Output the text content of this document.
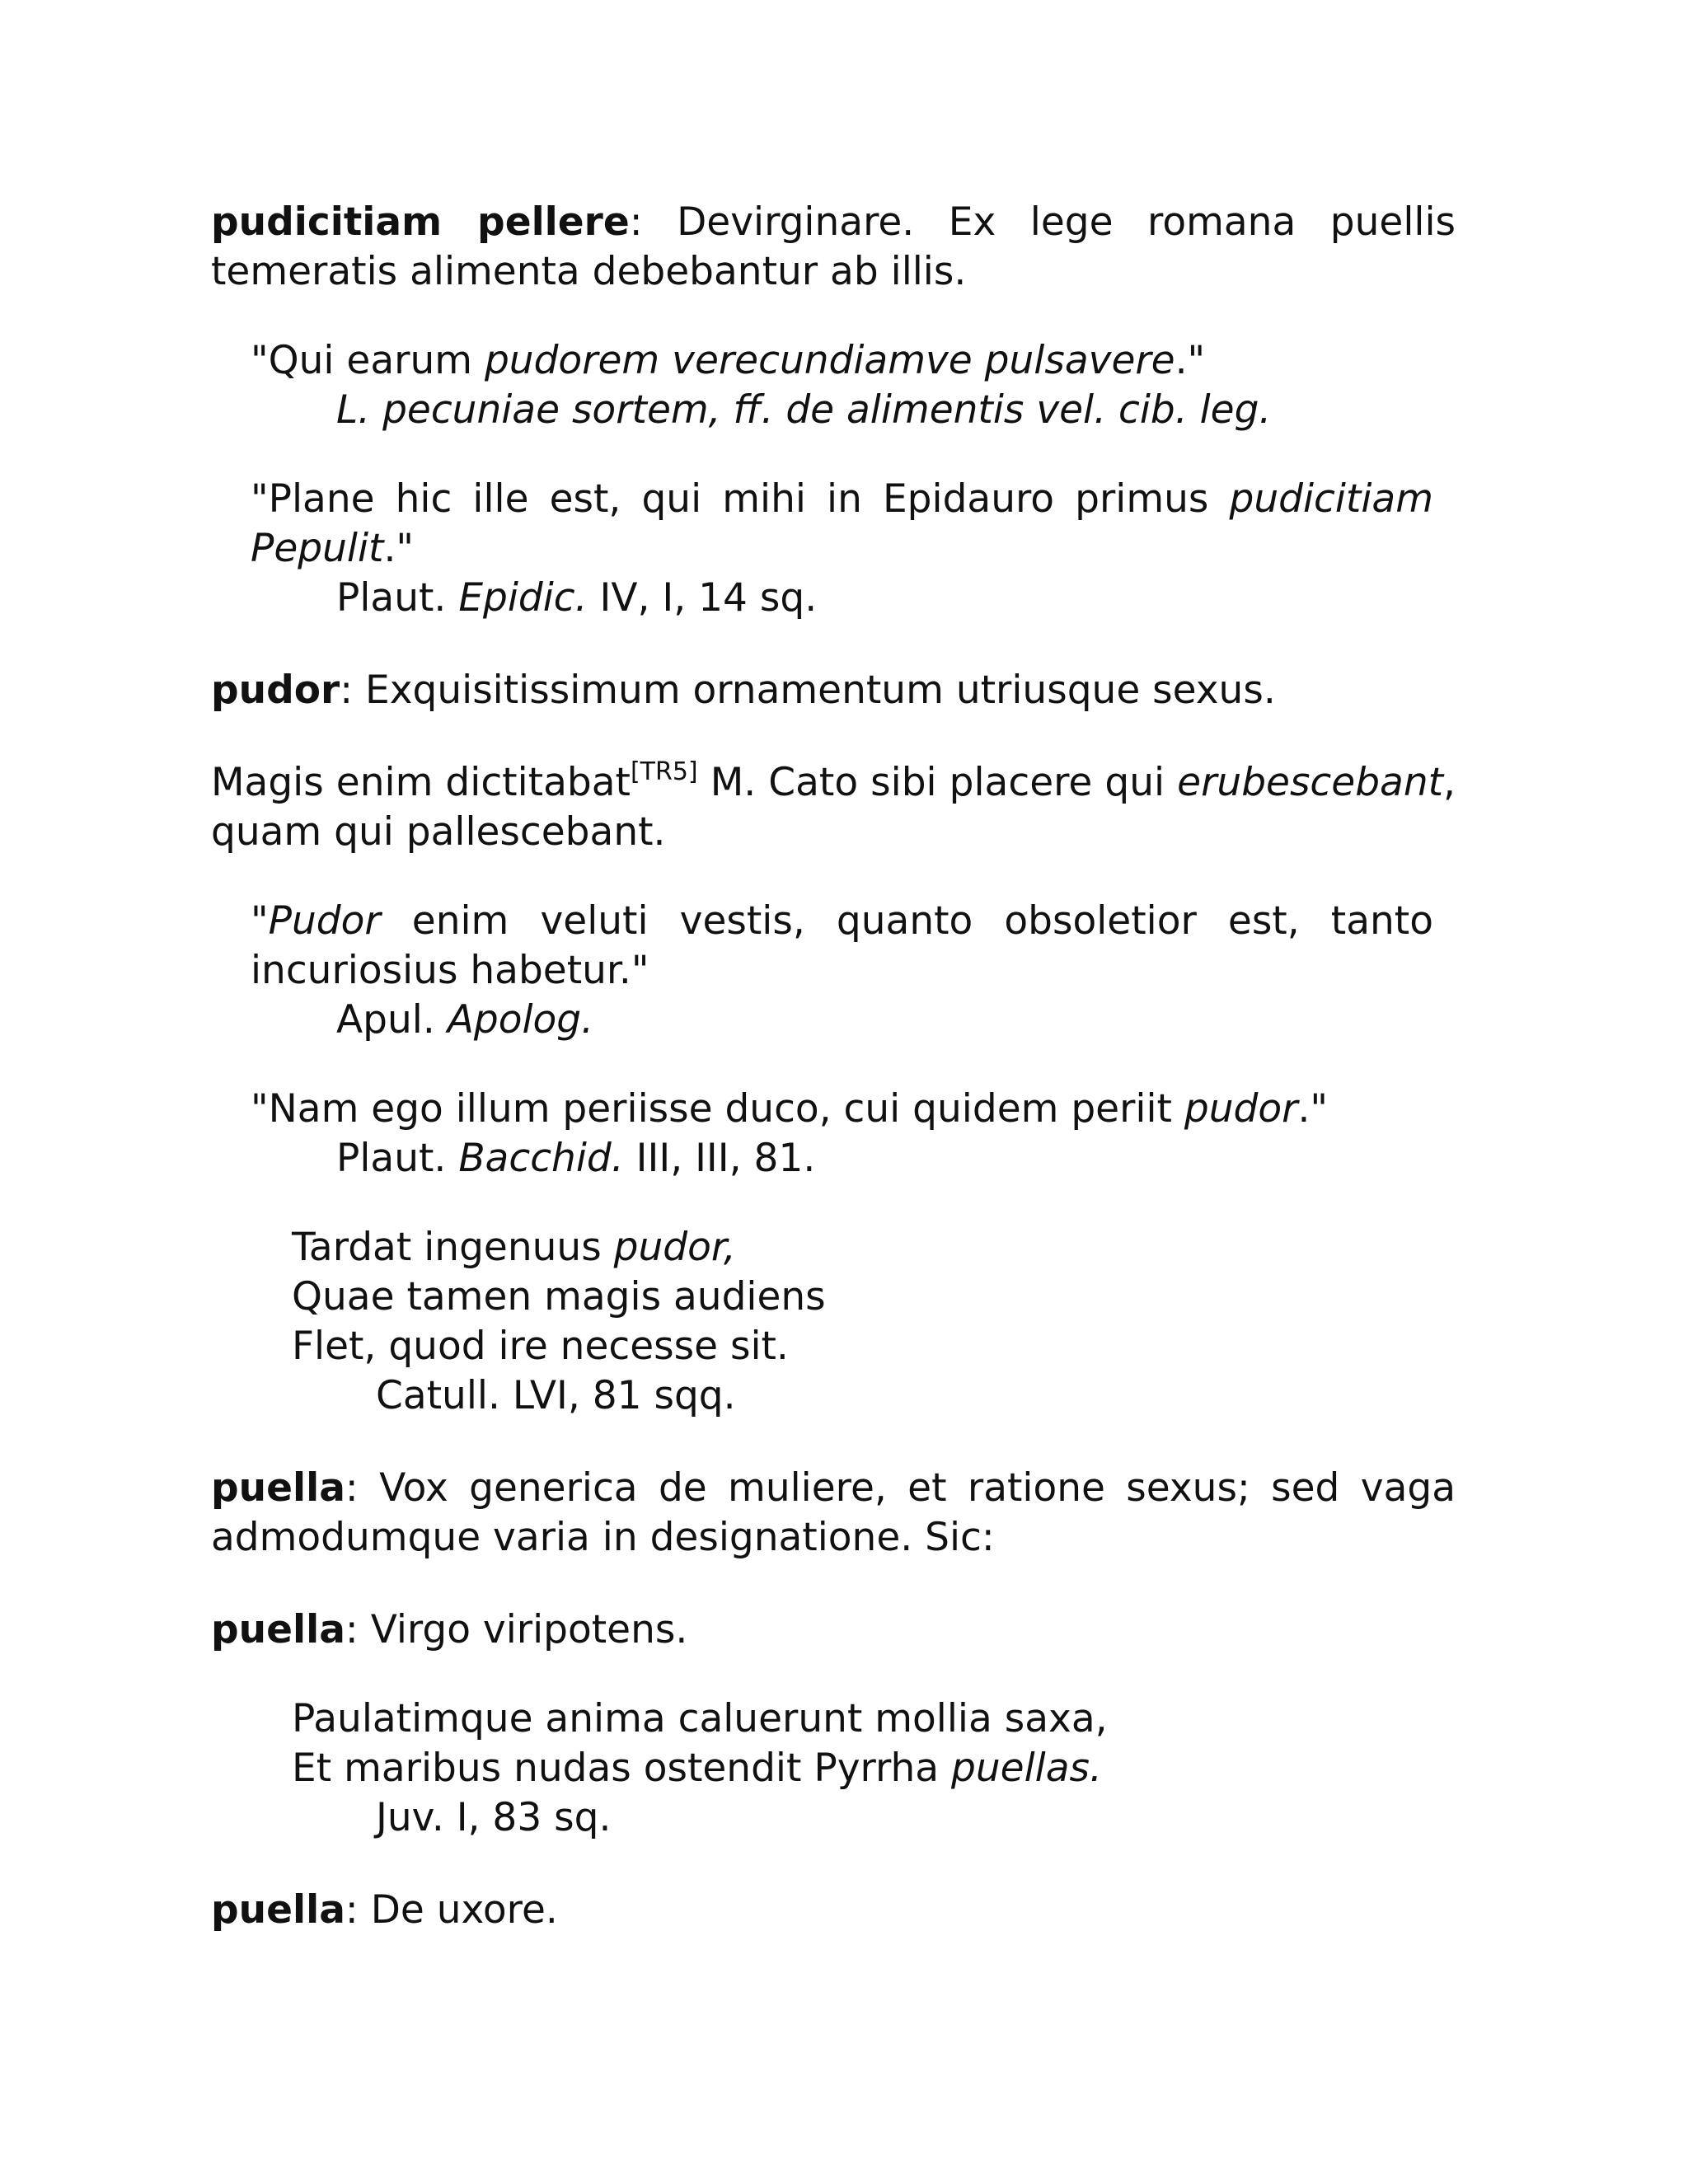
pudicitiam pellere: Devirginare. Ex lege romana puellis temeratis alimenta debebantur ab illis.

"Qui earum pudorem verecundiamve pulsavere."

L. pecuniae sortem, ff. de alimentis vel. cib. leg.

"Plane hic ille est, qui mihi in Epidauro primus pudicitiam Pepulit."

Plaut. Epidic. IV, I, 14 sq.

pudor: Exquisitissimum ornamentum utriusque sexus.

Magis enim dictitabat[TR5] M. Cato sibi placere qui erubescebant, quam qui pallescebant.

"Pudor enim veluti vestis, quanto obsoletior est, tanto incuriosius habetur."

Apul. Apolog.

"Nam ego illum periisse duco, cui quidem periit pudor."

Plaut. Bacchid. III, III, 81.

Tardat ingenuus pudor,

Quae tamen magis audiens

Flet, quod ire necesse sit.

Catull. LVI, 81 sqq.

puella: Vox generica de muliere, et ratione sexus; sed vaga admodumque varia in designatione. Sic:

puella: Virgo viripotens.

Paulatimque anima caluerunt mollia saxa,

Et maribus nudas ostendit Pyrrha puellas.

Juv. I, 83 sq.

puella: De uxore.
